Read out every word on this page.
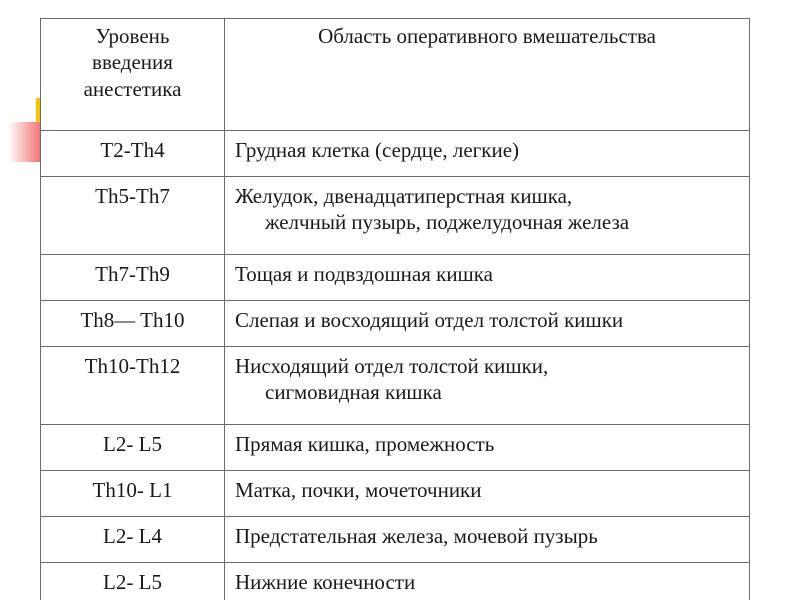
Уровень
введения
анестетика	Область оперативного вмешательства
T2-Th4	Грудная клетка (сердце, легкие)
Th5-Th7	Желудок, двенадцатиперстная кишка,
желчный пузырь, поджелудочная железа

Th7-Th9	Тощая и подвздошная кишка
Th8— Th10	Слепая и восходящий отдел толстой кишки
Th10-Th12	Нисходящий отдел толстой кишки,
сигмовидная кишка

L2- L5	Прямая кишка, промежность
Th10- L1	Матка, почки, мочеточники
L2- L4	Предстательная железа, мочевой пузырь
L2- L5	Нижние конечности
